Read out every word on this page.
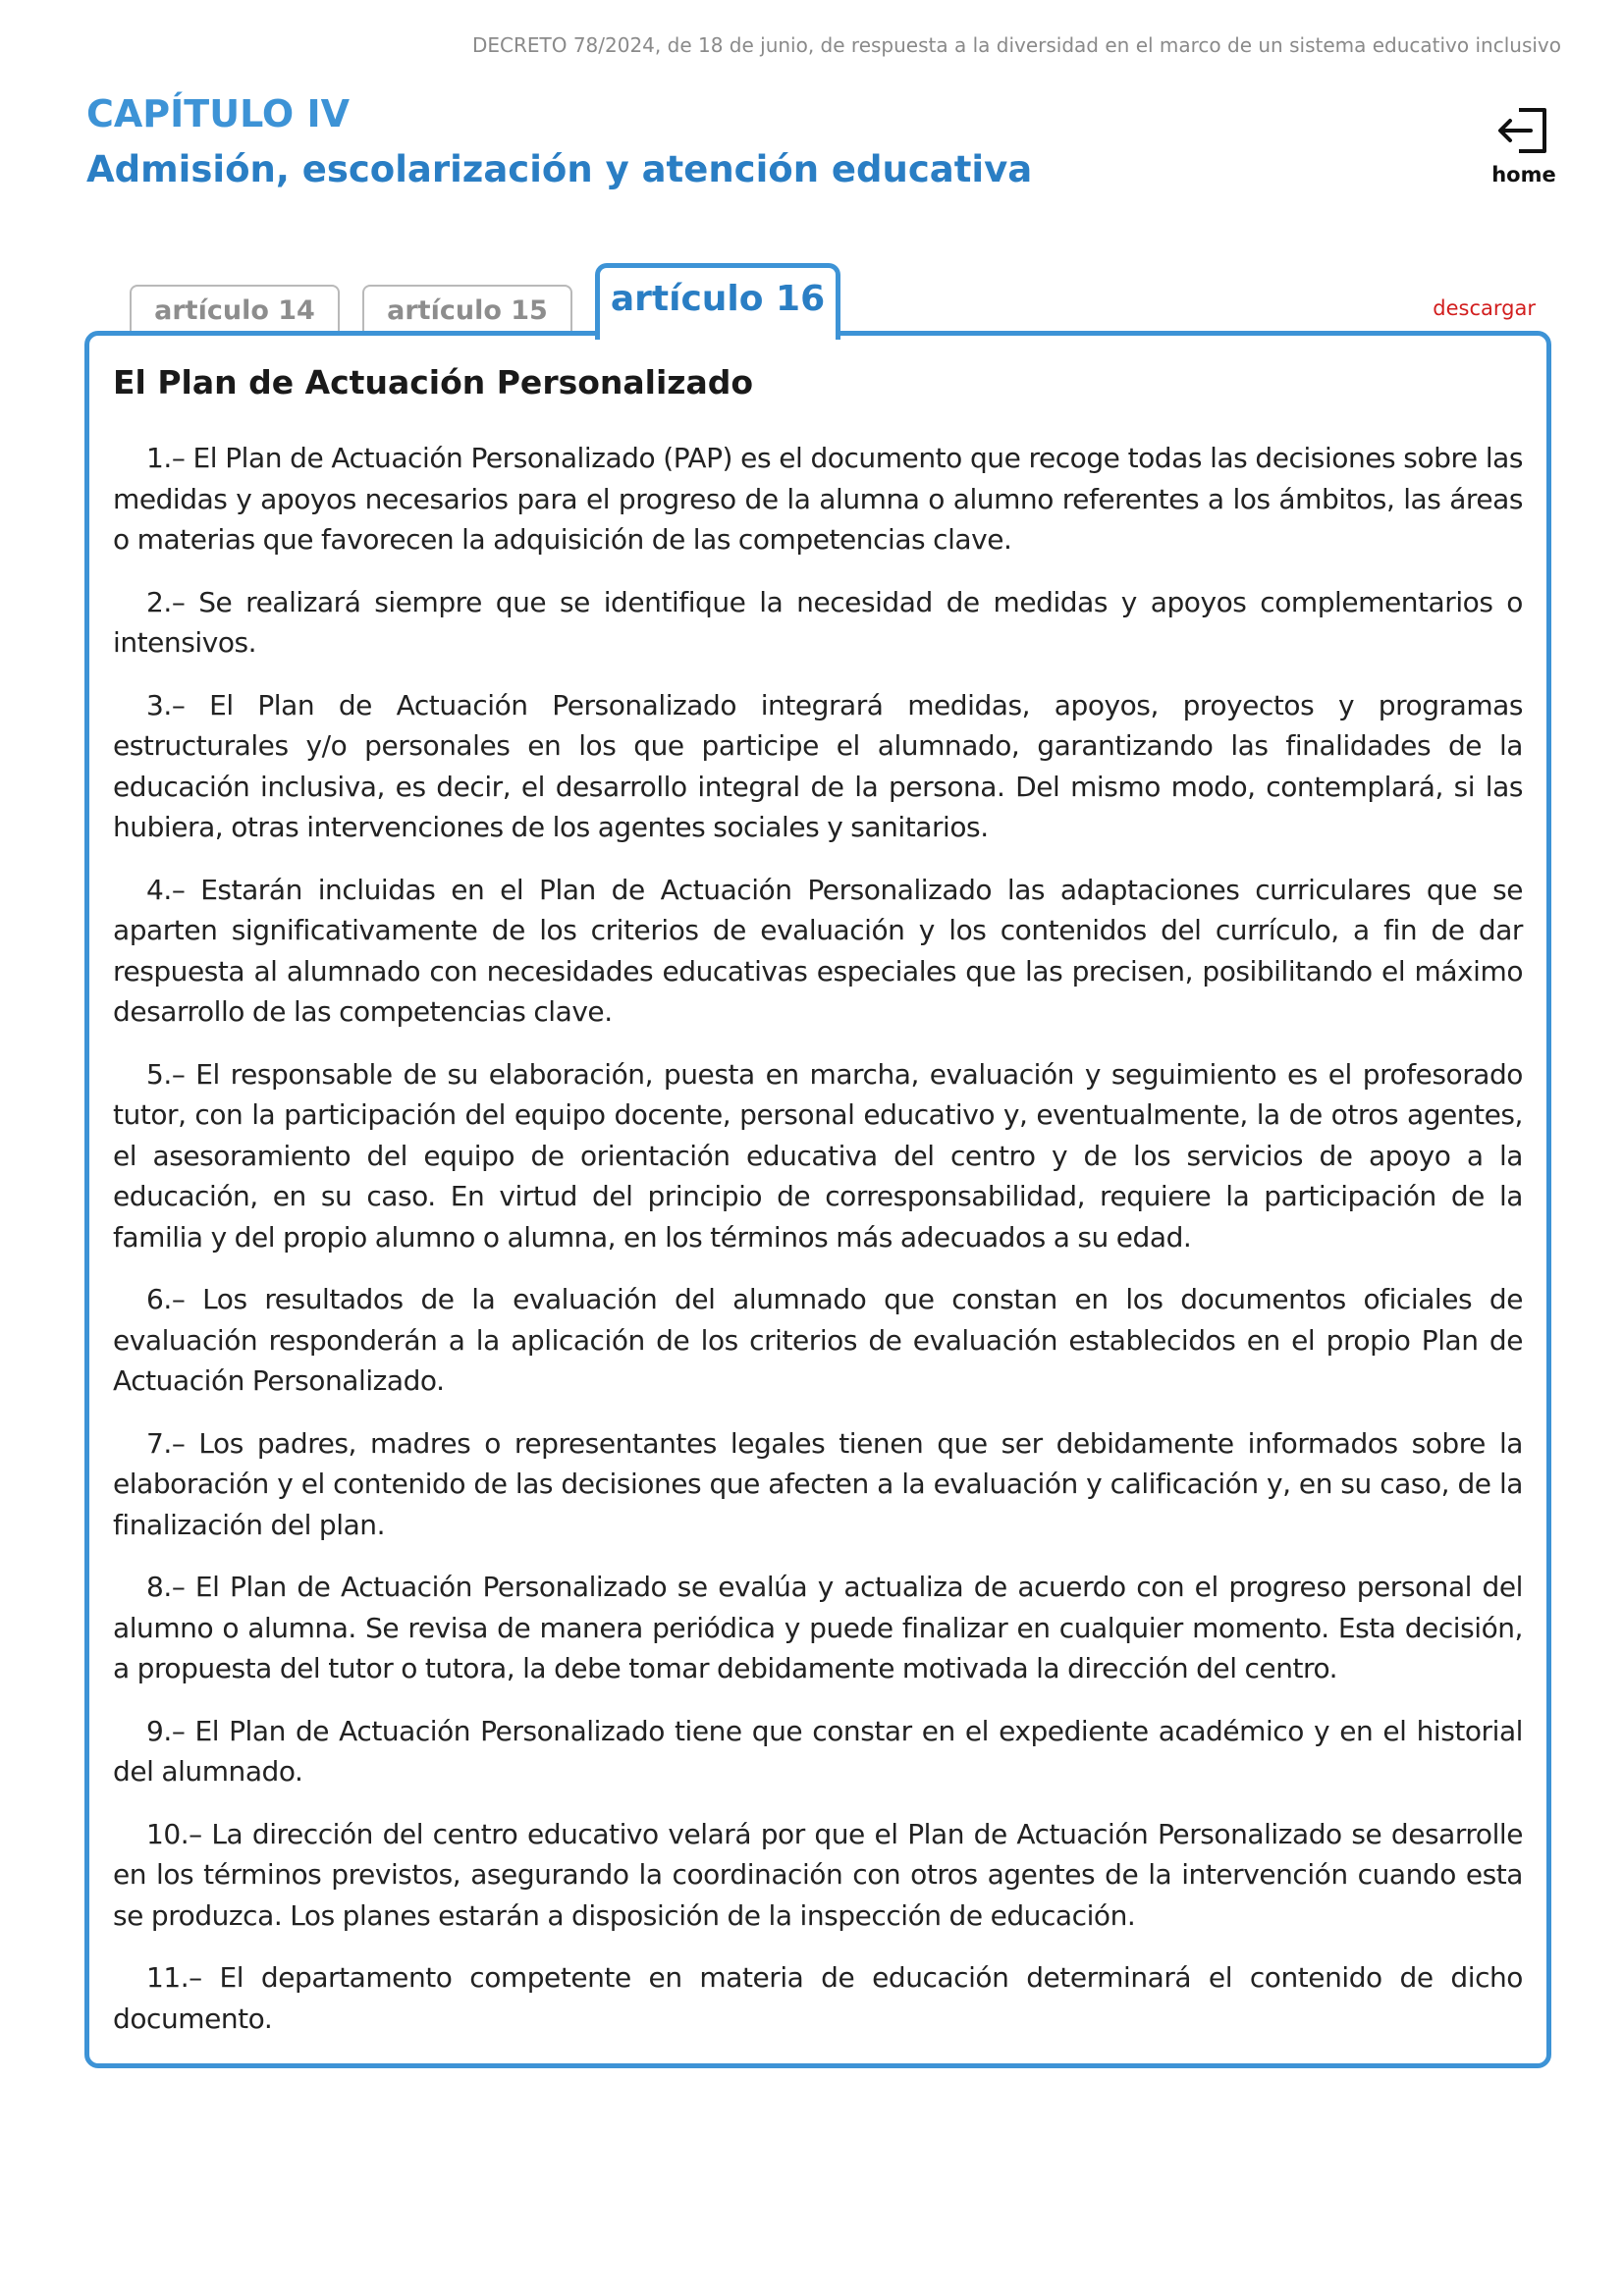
DECRETO 78/2024, de 18 de junio, de respuesta a la diversidad en el marco de un sistema educativo inclusivo
CAPÍTULO IV
Admisión, escolarización y atención educativa	home
artículo 14	artículo 15	artículo 16	descargar
El Plan de Actuación Personalizado

1.– El Plan de Actuación Personalizado (PAP) es el documento que recoge todas las decisiones sobre las medidas y apoyos necesarios para el progreso de la alumna o alumno referentes a los ámbitos, las áreas o materias que favorecen la adquisición de las competencias clave.

2.– Se realizará siempre que se identifique la necesidad de medidas y apoyos complementarios o intensivos.

3.– El Plan de Actuación Personalizado integrará medidas, apoyos, proyectos y programas estructurales y/o personales en los que participe el alumnado, garantizando las finalidades de la educación inclusiva, es decir, el desarrollo integral de la persona. Del mismo modo, contemplará, si las hubiera, otras intervenciones de los agentes sociales y sanitarios.

4.– Estarán incluidas en el Plan de Actuación Personalizado las adaptaciones curriculares que se aparten significativamente de los criterios de evaluación y los contenidos del currículo, a fin de dar respuesta al alumnado con necesidades educativas especiales que las precisen, posibilitando el máximo desarrollo de las competencias clave.

5.– El responsable de su elaboración, puesta en marcha, evaluación y seguimiento es el profesorado tutor, con la participación del equipo docente, personal educativo y, eventualmente, la de otros agentes, el asesoramiento del equipo de orientación educativa del centro y de los servicios de apoyo a la educación, en su caso. En virtud del principio de corresponsabilidad, requiere la participación de la familia y del propio alumno o alumna, en los términos más adecuados a su edad.

6.– Los resultados de la evaluación del alumnado que constan en los documentos oficiales de evaluación responderán a la aplicación de los criterios de evaluación establecidos en el propio Plan de Actuación Personalizado.

7.– Los padres, madres o representantes legales tienen que ser debidamente informados sobre la elaboración y el contenido de las decisiones que afecten a la evaluación y calificación y, en su caso, de la finalización del plan.

8.– El Plan de Actuación Personalizado se evalúa y actualiza de acuerdo con el progreso personal del alumno o alumna. Se revisa de manera periódica y puede finalizar en cualquier momento. Esta decisión, a propuesta del tutor o tutora, la debe tomar debidamente motivada la dirección del centro.

9.– El Plan de Actuación Personalizado tiene que constar en el expediente académico y en el historial del alumnado.

10.– La dirección del centro educativo velará por que el Plan de Actuación Personalizado se desarrolle en los términos previstos, asegurando la coordinación con otros agentes de la intervención cuando esta se produzca. Los planes estarán a disposición de la inspección de educación.

11.– El departamento competente en materia de educación determinará el contenido de dicho documento.
